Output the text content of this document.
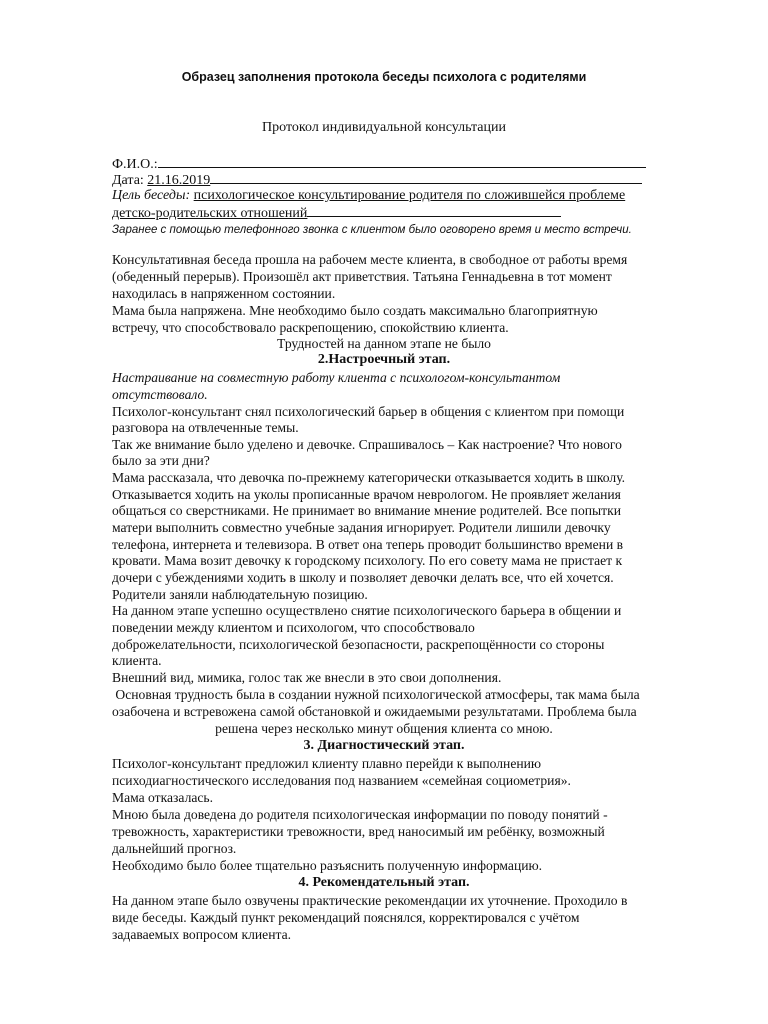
Образец заполнения протокола беседы психолога с родителями
Протокол индивидуальной консультации
Ф.И.О.:
Дата: 21.16.2019
Цель беседы: психологическое консультирование родителя по сложившейся проблеме
детско-родительских отношений
Заранее с помощью телефонного звонка с клиентом было оговорено время и место встречи.
Консультативная беседа прошла на рабочем месте клиента, в свободное от работы время
(обеденный перерыв). Произошёл акт приветствия. Татьяна Геннадьевна в тот момент
находилась в напряженном состоянии.
Мама была напряжена. Мне необходимо было создать максимально благоприятную
встречу, что способствовало раскрепощению, спокойствию клиента.
Трудностей на данном этапе не было
2.Настроечный этап.
Настраивание на совместную работу клиента с психологом-консультантом
отсутствовало.
Психолог-консультант снял психологический барьер в общения с клиентом при помощи
разговора на отвлеченные темы.
Так же внимание было уделено и девочке. Спрашивалось – Как настроение? Что нового
было за эти дни?
Мама рассказала, что девочка по-прежнему категорически отказывается ходить в школу.
Отказывается ходить на уколы прописанные врачом неврологом. Не проявляет желания
общаться со сверстниками. Не принимает во внимание мнение родителей. Все попытки
матери выполнить совместно учебные задания игнорирует. Родители лишили девочку
телефона, интернета и телевизора. В ответ она теперь проводит большинство времени в
кровати. Мама возит девочку к городскому психологу. По его совету мама не пристает к
дочери с убеждениями ходить в школу и позволяет девочки делать все, что ей хочется.
Родители заняли наблюдательную позицию.
На данном этапе успешно осуществлено снятие психологического барьера в общении и
поведении между клиентом и психологом, что способствовало
доброжелательности, психологической безопасности, раскрепощённости со стороны
клиента.
Внешний вид, мимика, голос так же внесли в это свои дополнения.
Основная трудность была в создании нужной психологической атмосферы, так мама была
озабочена и встревожена самой обстановкой и ожидаемыми результатами. Проблема была
решена через несколько минут общения клиента со мною.
3. Диагностический этап.
Психолог-консультант предложил клиенту плавно перейди к выполнению
психодиагностического исследования под названием «семейная социометрия».
Мама отказалась.
Мною была доведена до родителя психологическая информации по поводу понятий -
тревожность, характеристики тревожности, вред наносимый им ребёнку, возможный
дальнейший прогноз.
Необходимо было более тщательно разъяснить полученную информацию.
4. Рекомендательный этап.
На данном этапе было озвучены практические рекомендации их уточнение. Проходило в
виде беседы. Каждый пункт рекомендаций пояснялся, корректировался с учётом
задаваемых вопросом клиента.
